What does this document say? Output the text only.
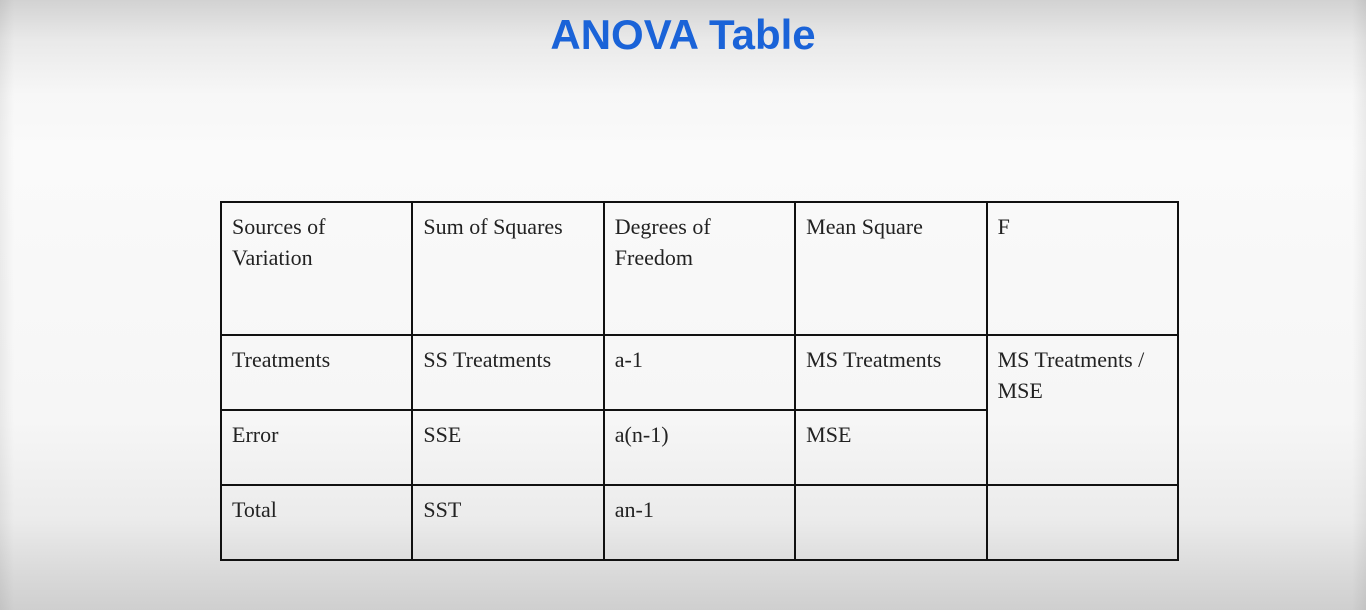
ANOVA Table
Sources of Variation	Sum of Squares	Degrees of Freedom	Mean Square	F
Treatments	SS Treatments	a-1	MS Treatments	MS Treatments / MSE
Error	SSE	a(n-1)	MSE	
Total	SST	an-1		
